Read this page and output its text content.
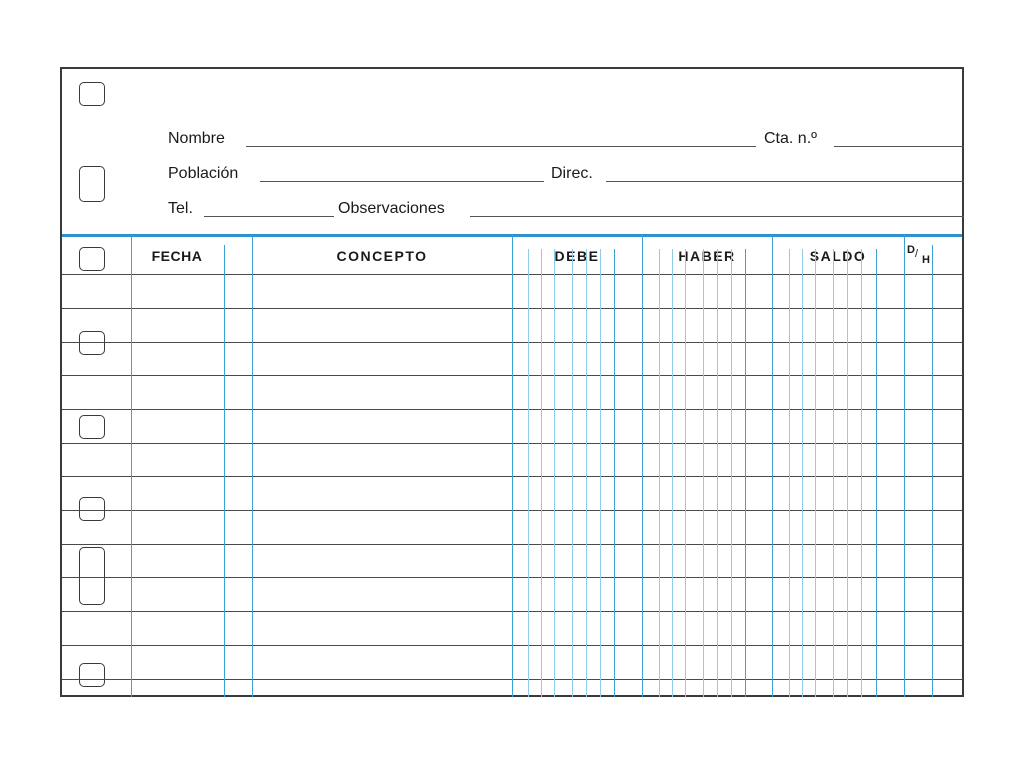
Nombre	Cta. n.º
Población	Direc.
Tel.	Observaciones
FECHA	CONCEPTO	DEBE	HABER	SALDO	D / H
